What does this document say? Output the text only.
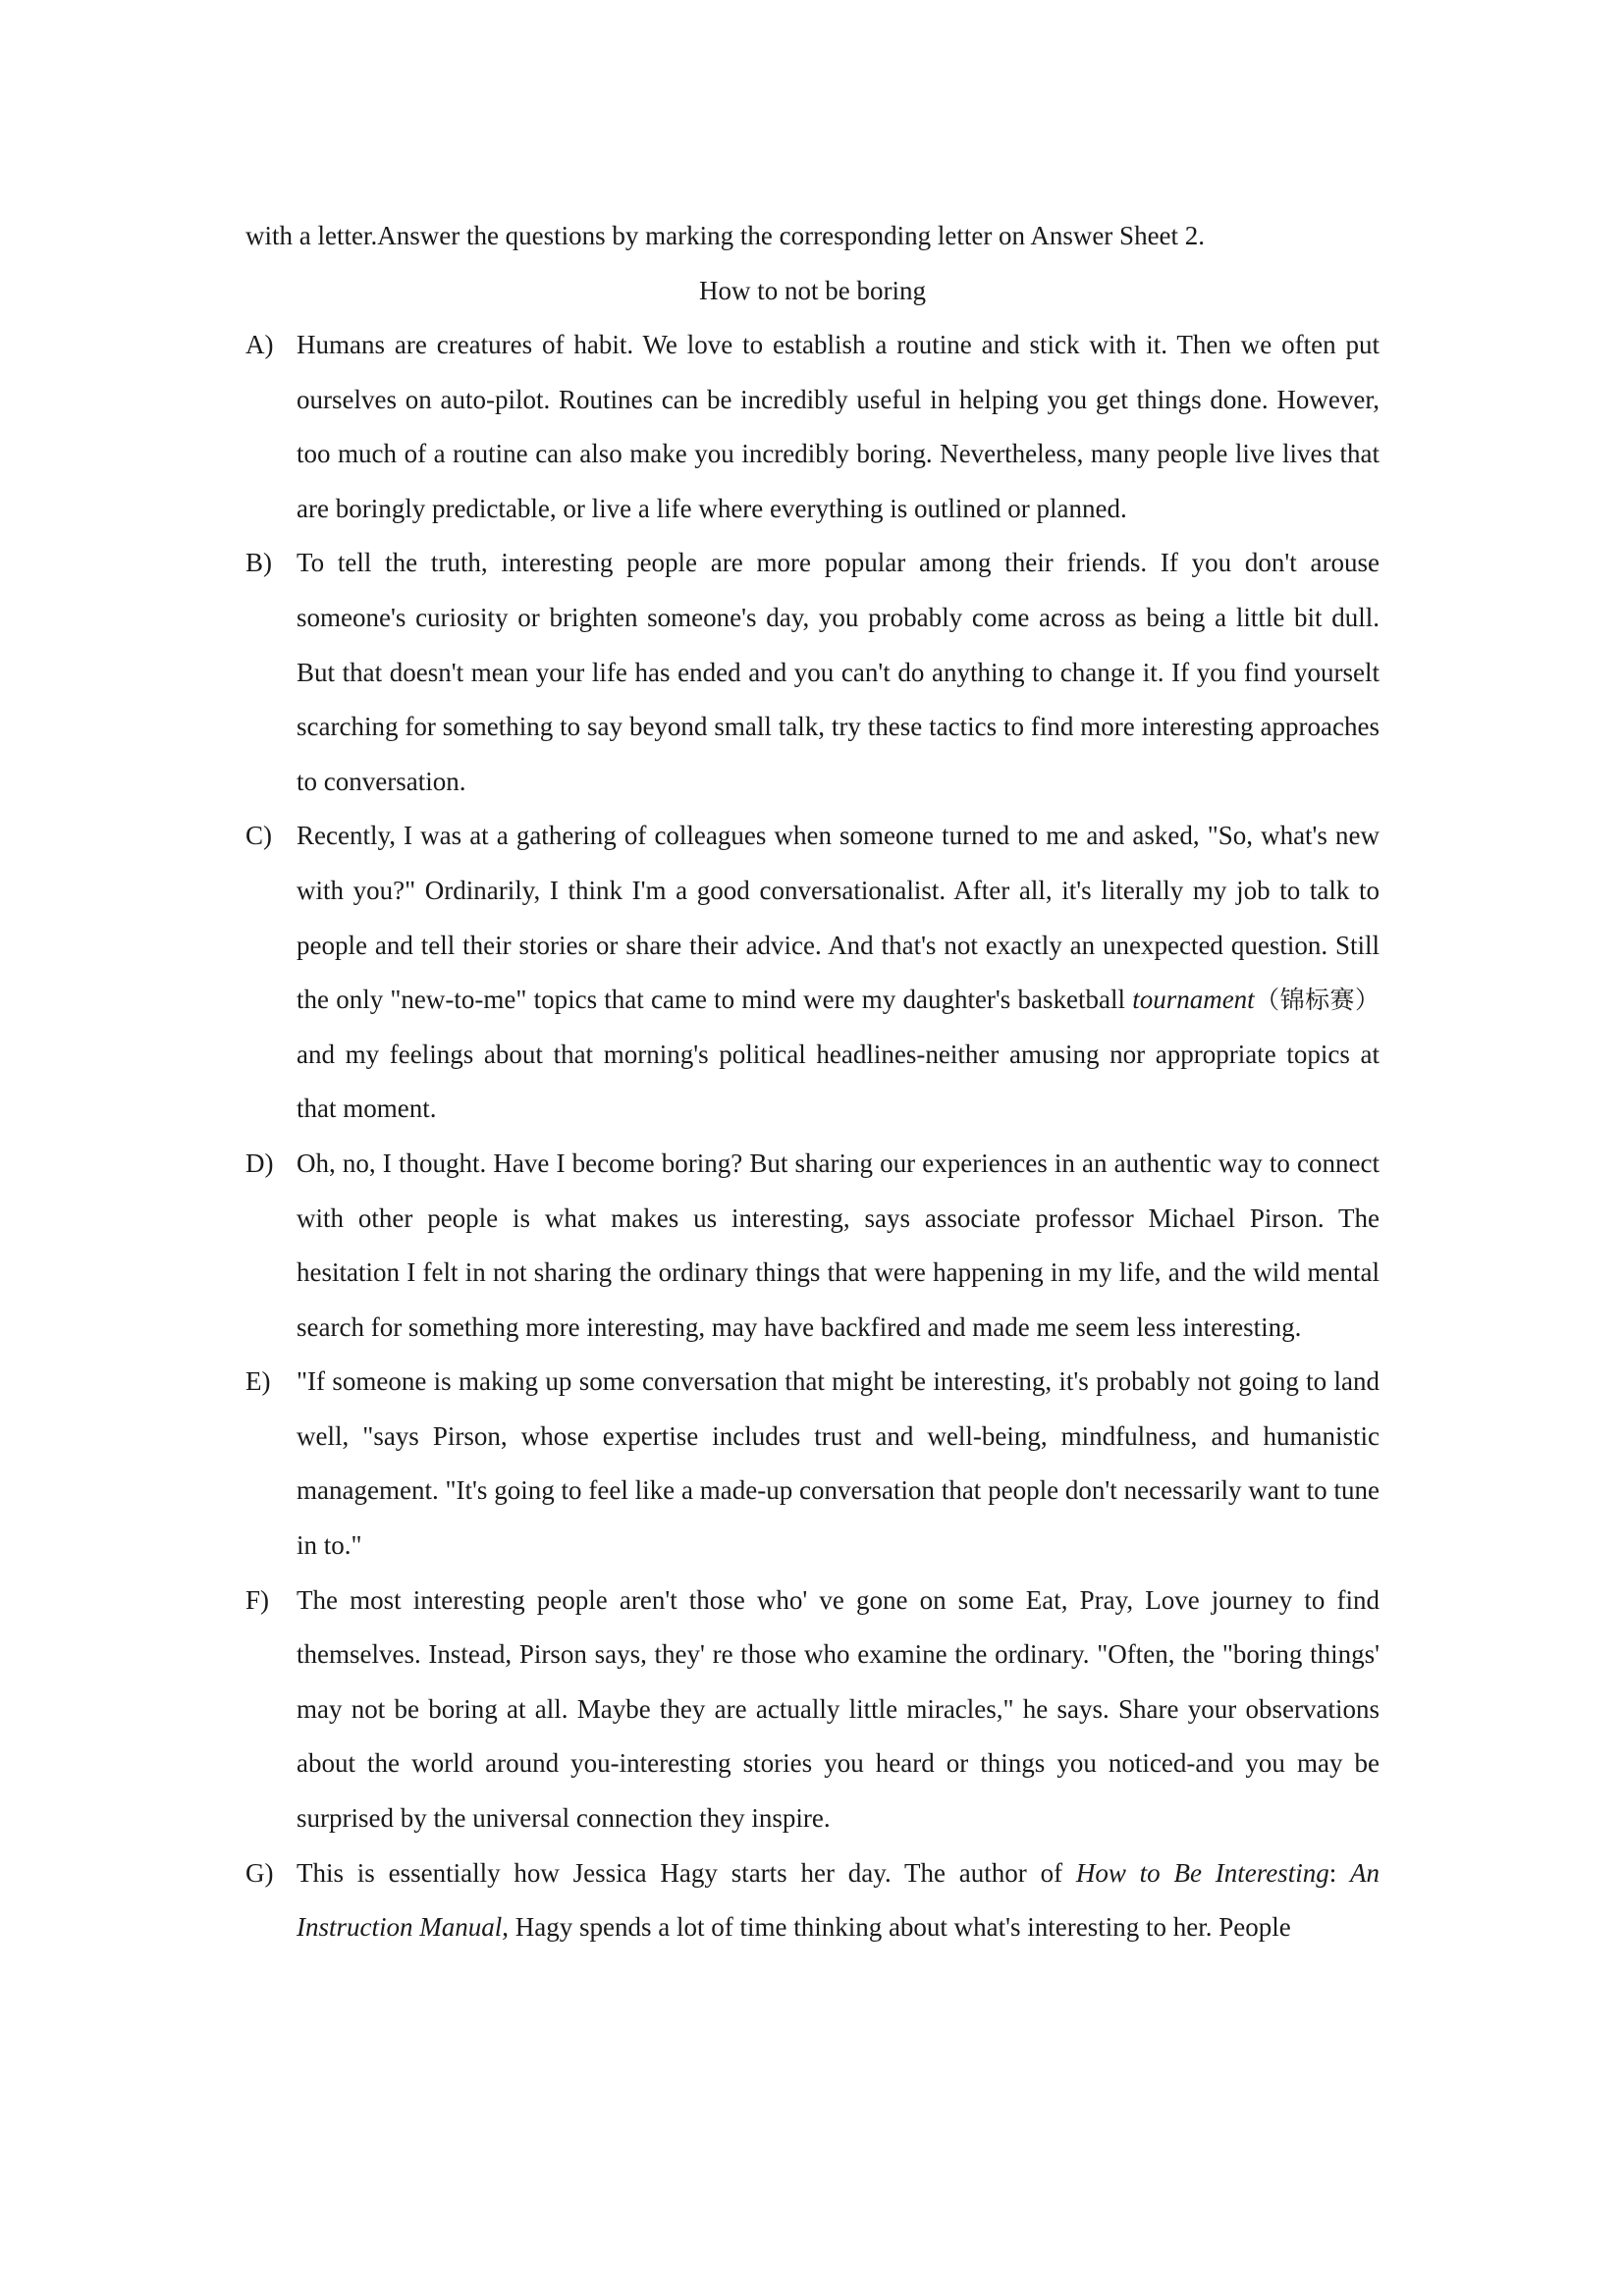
with a letter.Answer the questions by marking the corresponding letter on Answer Sheet 2.

How to not be boring

A) Humans are creatures of habit. We love to establish a routine and stick with it. Then we often put ourselves on auto-pilot. Routines can be incredibly useful in helping you get things done. However, too much of a routine can also make you incredibly boring. Nevertheless, many people live lives that are boringly predictable, or live a life where everything is outlined or planned.

B) To tell the truth, interesting people are more popular among their friends. If you don't arouse someone's curiosity or brighten someone's day, you probably come across as being a little bit dull. But that doesn't mean your life has ended and you can't do anything to change it. If you find yourselt scarching for something to say beyond small talk, try these tactics to find more interesting approaches to conversation.

C) Recently, I was at a gathering of colleagues when someone turned to me and asked, "So, what's new with you?" Ordinarily, I think I'm a good conversationalist. After all, it's literally my job to talk to people and tell their stories or share their advice. And that's not exactly an unexpected question. Still the only "new-to-me" topics that came to mind were my daughter's basketball tournament（锦标赛）and my feelings about that morning's political headlines-neither amusing nor appropriate topics at that moment.

D) Oh, no, I thought. Have I become boring? But sharing our experiences in an authentic way to connect with other people is what makes us interesting, says associate professor Michael Pirson. The hesitation I felt in not sharing the ordinary things that were happening in my life, and the wild mental search for something more interesting, may have backfired and made me seem less interesting.

E) "If someone is making up some conversation that might be interesting, it's probably not going to land well, "says Pirson, whose expertise includes trust and well-being, mindfulness, and humanistic management. "It's going to feel like a made-up conversation that people don't necessarily want to tune in to."

F) The most interesting people aren't those who' ve gone on some Eat, Pray, Love journey to find themselves. Instead, Pirson says, they' re those who examine the ordinary. "Often, the "boring things' may not be boring at all. Maybe they are actually little miracles," he says. Share your observations about the world around you-interesting stories you heard or things you noticed-and you may be surprised by the universal connection they inspire.

G) This is essentially how Jessica Hagy starts her day. The author of How to Be Interesting: An Instruction Manual, Hagy spends a lot of time thinking about what's interesting to her. People
